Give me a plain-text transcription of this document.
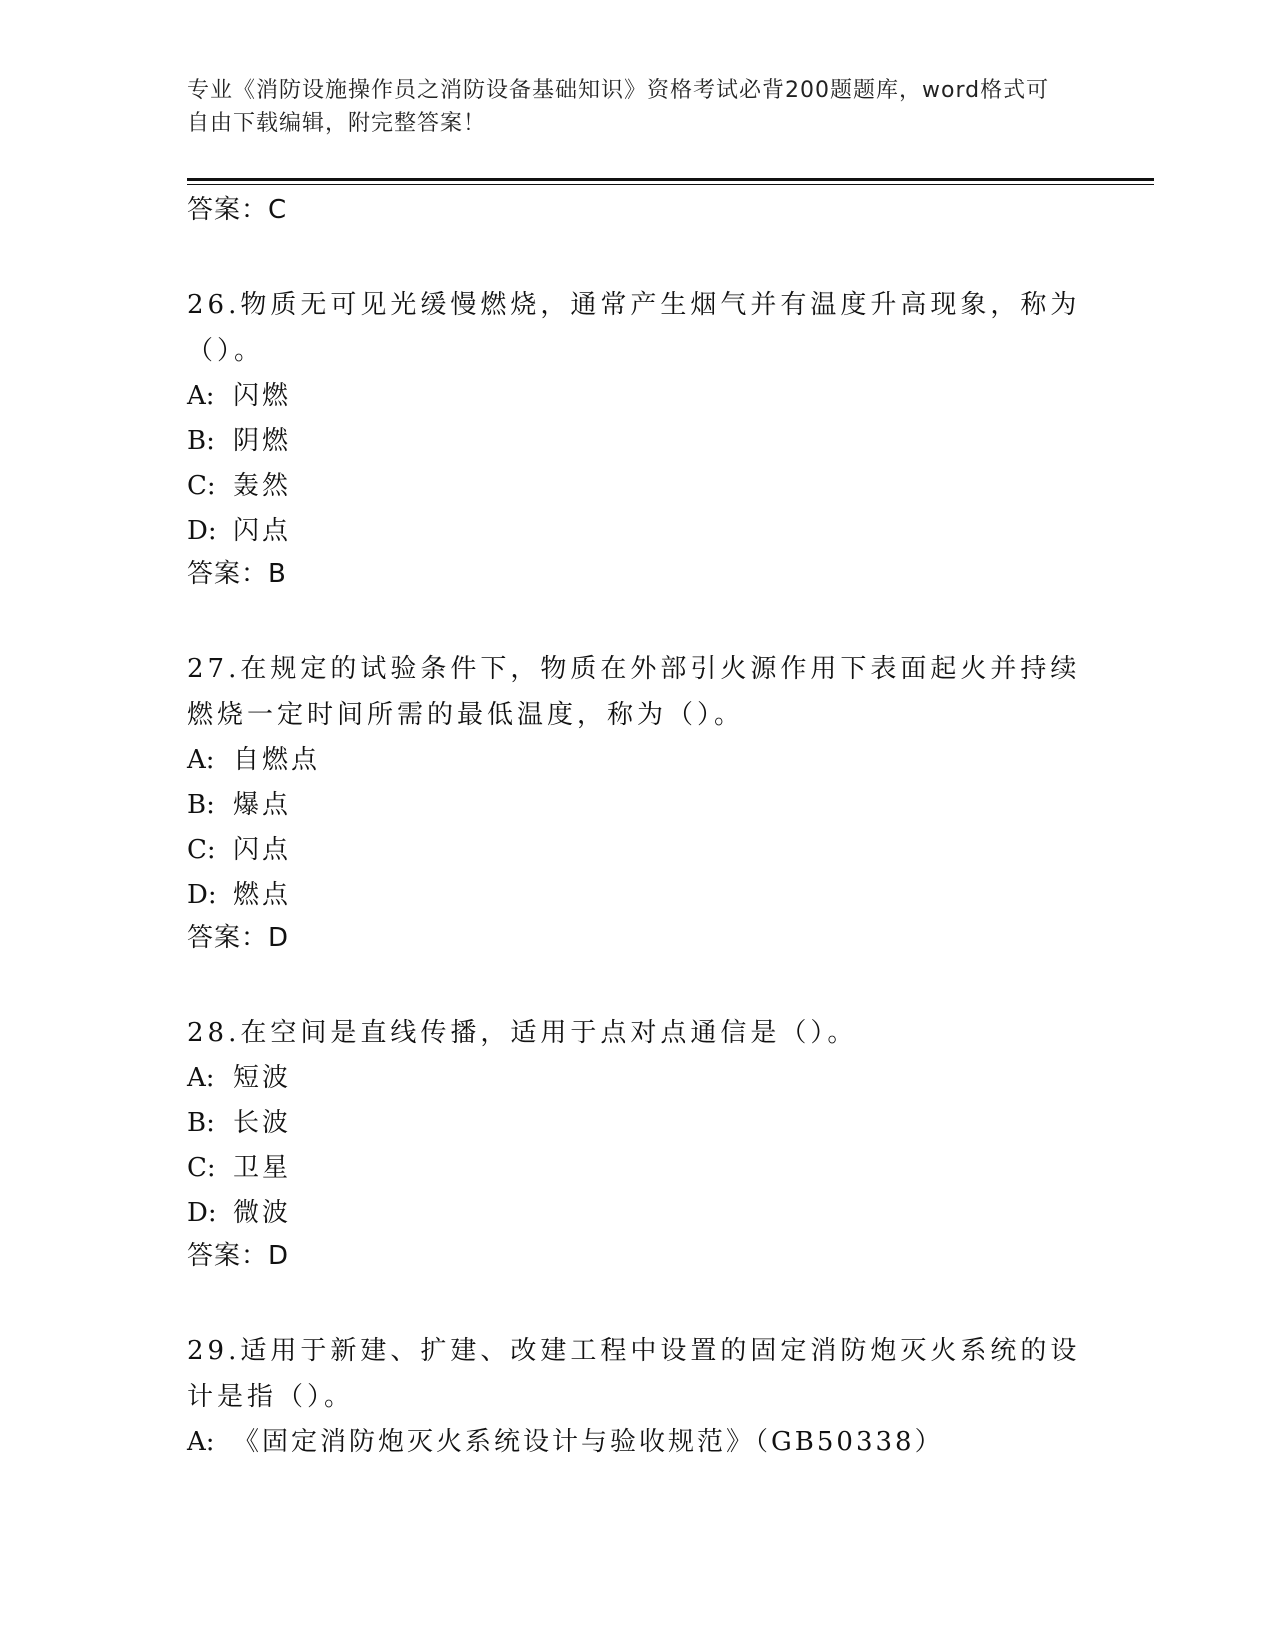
专业《消防设施操作员之消防设备基础知识》资格考试必背200题题库，word格式可自由下载编辑，附完整答案！

答案：C

26.物质无可见光缓慢燃烧，通常产生烟气并有温度升高现象，称为（）。

A: 闪燃

B: 阴燃

C: 轰然

D: 闪点

答案：B

27.在规定的试验条件下，物质在外部引火源作用下表面起火并持续燃烧一定时间所需的最低温度，称为（）。

A: 自燃点

B: 爆点

C: 闪点

D: 燃点

答案：D

28.在空间是直线传播，适用于点对点通信是（）。

A: 短波

B: 长波

C: 卫星

D: 微波

答案：D

29.适用于新建、扩建、改建工程中设置的固定消防炮灭火系统的设计是指（）。

A: 《固定消防炮灭火系统设计与验收规范》（GB50338）
